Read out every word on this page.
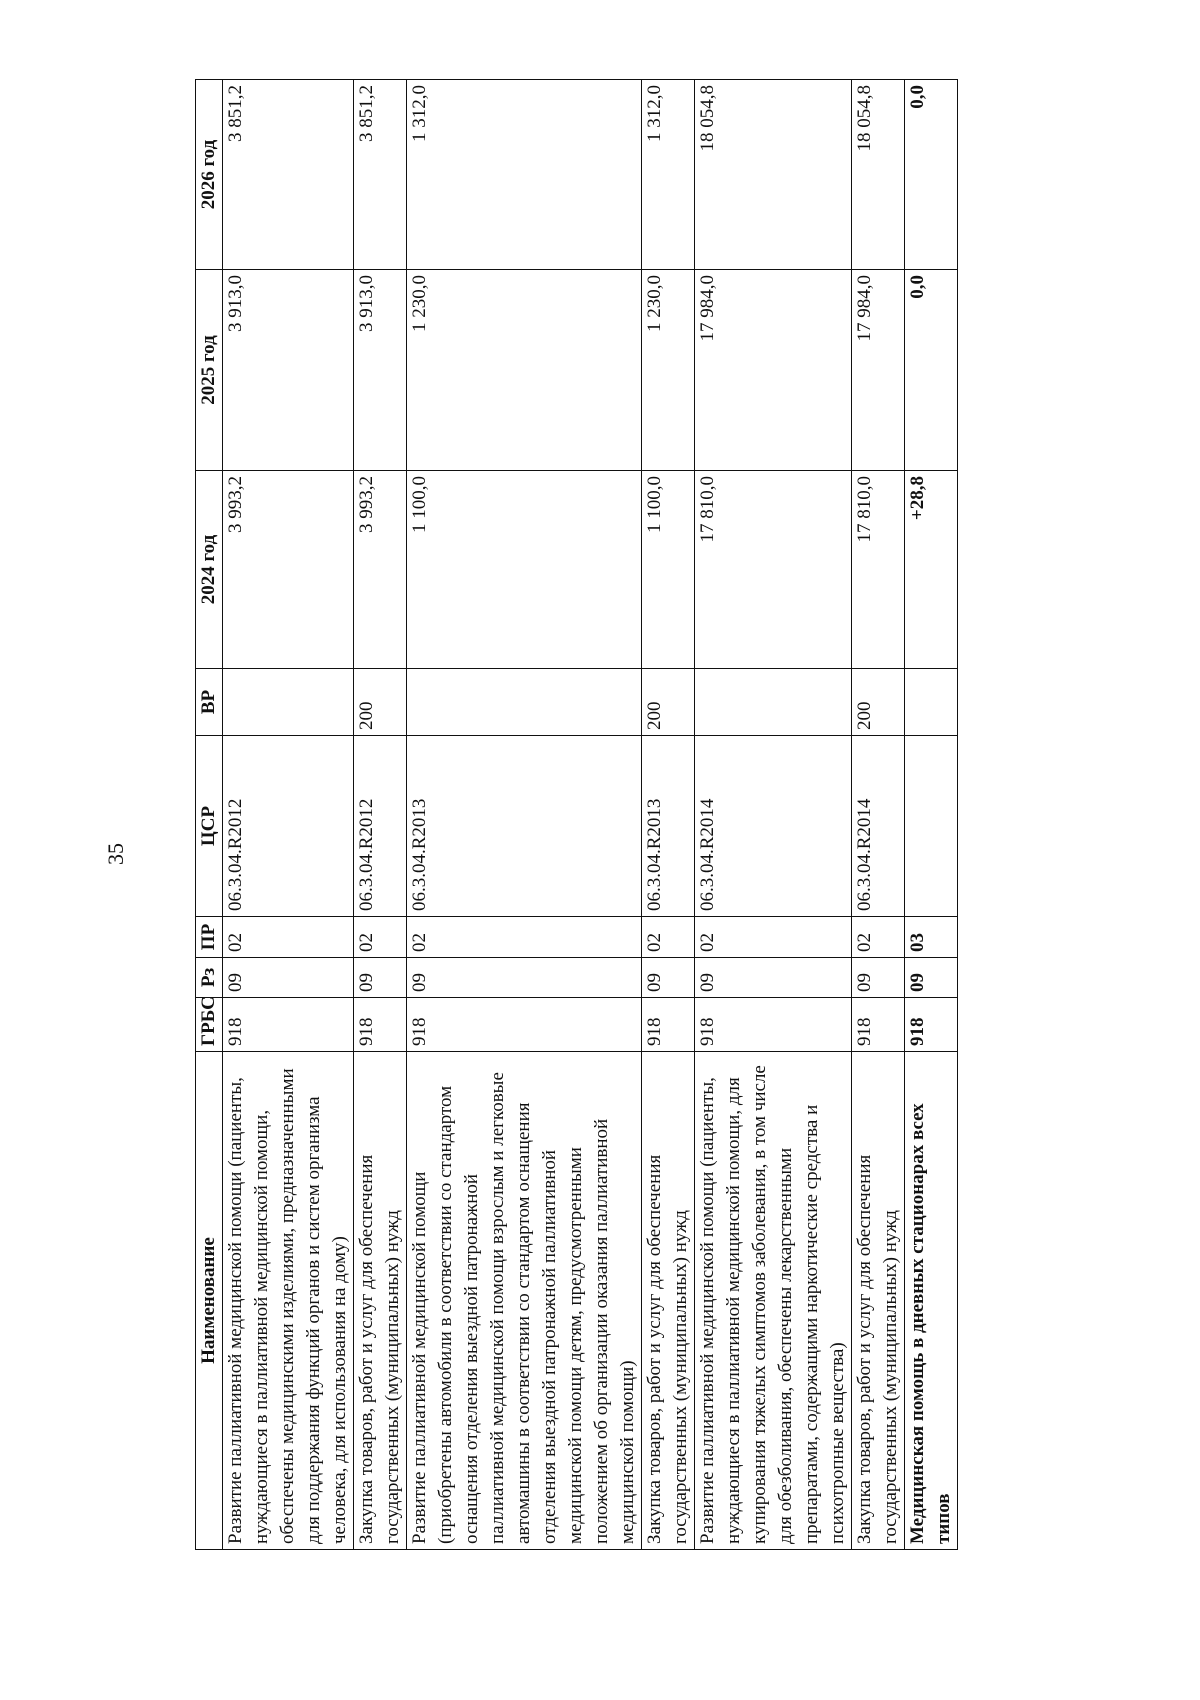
35
Наименование	ГРБС	Рз	ПР	ЦСР	ВР	2024 год	2025 год	2026 год
Развитие паллиативной медицинской помощи (пациенты, нуждающиеся в паллиативной медицинской помощи, обеспечены медицинскими изделиями, предназначенными для поддержания функций органов и систем организма человека, для использования на дому)	918	09	02	06.3.04.R2012		3 993,2	3 913,0	3 851,2
Закупка товаров, работ и услуг для обеспечения государственных (муниципальных) нужд	918	09	02	06.3.04.R2012	200	3 993,2	3 913,0	3 851,2
Развитие паллиативной медицинской помощи (приобретены автомобили в соответствии со стандартом оснащения отделения выездной патронажной паллиативной медицинской помощи взрослым и легковые автомашины в соответствии со стандартом оснащения отделения выездной патронажной паллиативной медицинской помощи детям, предусмотренными положением об организации оказания паллиативной медицинской помощи)	918	09	02	06.3.04.R2013		1 100,0	1 230,0	1 312,0
Закупка товаров, работ и услуг для обеспечения государственных (муниципальных) нужд	918	09	02	06.3.04.R2013	200	1 100,0	1 230,0	1 312,0
Развитие паллиативной медицинской помощи (пациенты, нуждающиеся в паллиативной медицинской помощи, для купирования тяжелых симптомов заболевания, в том числе для обезболивания, обеспечены лекарственными препаратами, содержащими наркотические средства и психотропные вещества)	918	09	02	06.3.04.R2014		17 810,0	17 984,0	18 054,8
Закупка товаров, работ и услуг для обеспечения государственных (муниципальных) нужд	918	09	02	06.3.04.R2014	200	17 810,0	17 984,0	18 054,8
Медицинская помощь в дневных стационарах всех типов	918	09	03			+28,8	0,0	0,0
